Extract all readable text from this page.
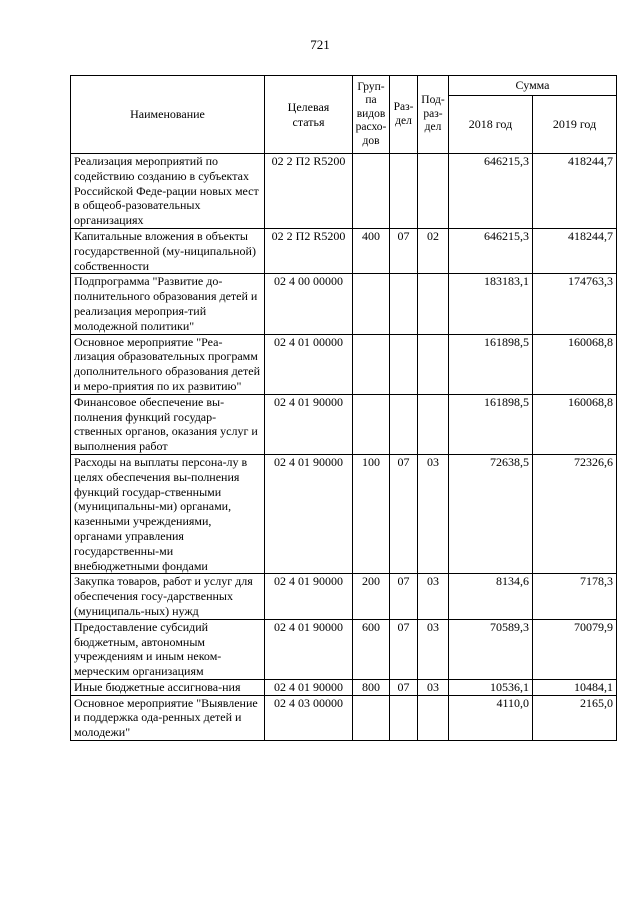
721
Наименование	Целевая статья	Груп-па видов расхо-дов	Раз-дел	Под-раз-дел	Сумма	
					2018 год	2019 год
Реализация мероприятий по содействию созданию в субъектах Российской Феде-рации новых мест в общеоб-разовательных организациях	02 2 П2 R5200				646215,3	418244,7
Капитальные вложения в объекты государственной (му-ниципальной) собственности	02 2 П2 R5200	400	07	02	646215,3	418244,7
Подпрограмма "Развитие до-полнительного образования детей и реализация мероприя-тий молодежной политики"	02 4 00 00000				183183,1	174763,3
Основное мероприятие "Реа-лизация образовательных программ дополнительного образования детей и меро-приятия по их развитию"	02 4 01 00000				161898,5	160068,8
Финансовое обеспечение вы-полнения функций государ-ственных органов, оказания услуг и выполнения работ	02 4 01 90000				161898,5	160068,8
Расходы на выплаты персона-лу в целях обеспечения вы-полнения функций государ-ственными (муниципальны-ми) органами, казенными учреждениями, органами управления государственны-ми внебюджетными фондами	02 4 01 90000	100	07	03	72638,5	72326,6
Закупка товаров, работ и услуг для обеспечения госу-дарственных (муниципаль-ных) нужд	02 4 01 90000	200	07	03	8134,6	7178,3
Предоставление субсидий бюджетным, автономным учреждениям и иным неком-мерческим организациям	02 4 01 90000	600	07	03	70589,3	70079,9
Иные бюджетные ассигнова-ния	02 4 01 90000	800	07	03	10536,1	10484,1
Основное мероприятие "Выявление и поддержка ода-ренных детей и молодежи"	02 4 03 00000				4110,0	2165,0
